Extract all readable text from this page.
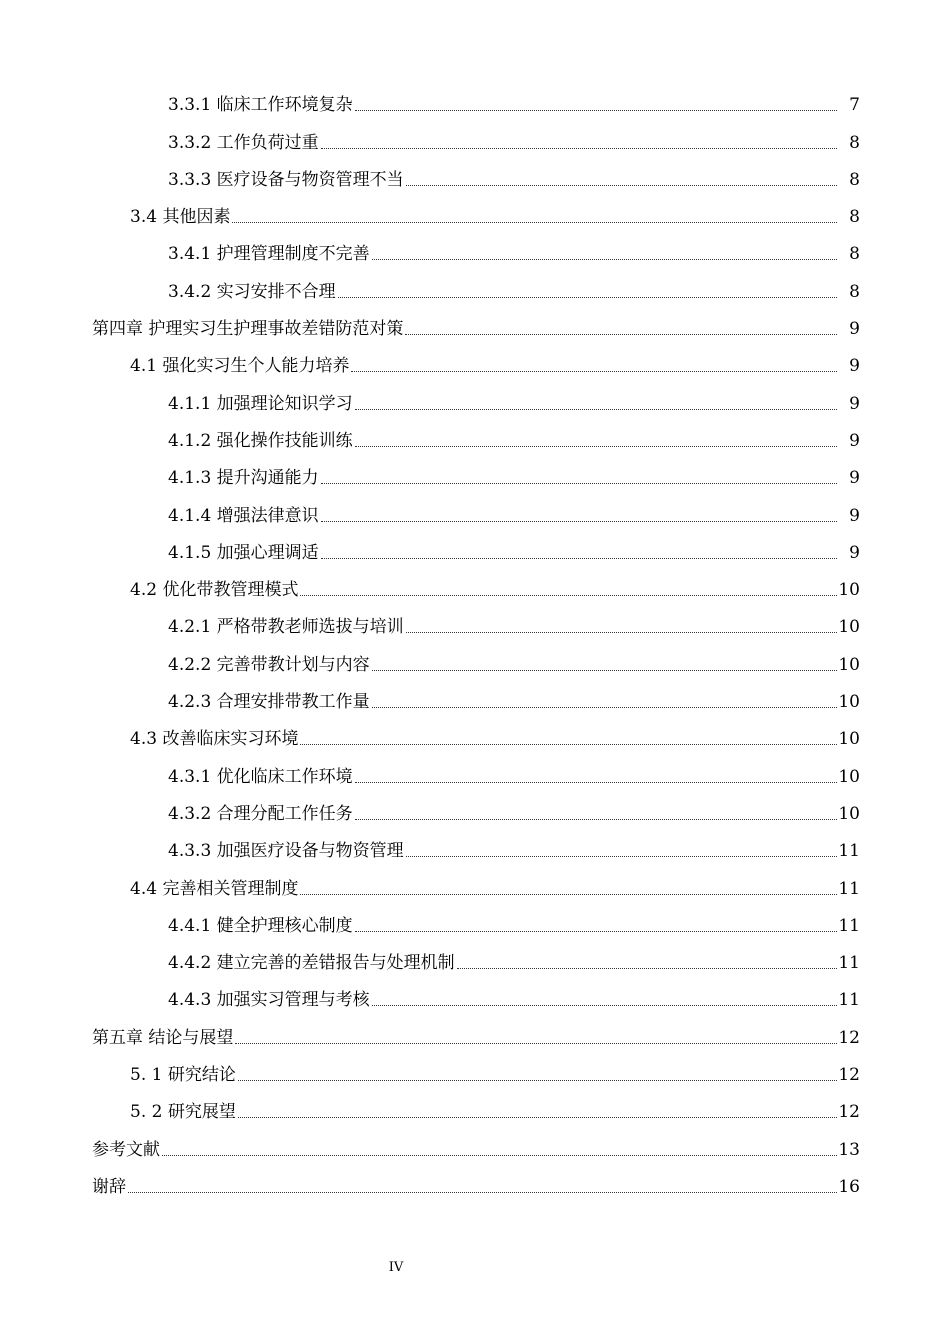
3.3.1 临床工作环境复杂	7
3.3.2 工作负荷过重	8
3.3.3 医疗设备与物资管理不当	8
3.4 其他因素	8
3.4.1 护理管理制度不完善	8
3.4.2 实习安排不合理	8
第四章 护理实习生护理事故差错防范对策	9
4.1 强化实习生个人能力培养	9
4.1.1 加强理论知识学习	9
4.1.2 强化操作技能训练	9
4.1.3 提升沟通能力	9
4.1.4 增强法律意识	9
4.1.5 加强心理调适	9
4.2 优化带教管理模式	10
4.2.1 严格带教老师选拔与培训	10
4.2.2 完善带教计划与内容	10
4.2.3 合理安排带教工作量	10
4.3 改善临床实习环境	10
4.3.1 优化临床工作环境	10
4.3.2 合理分配工作任务	10
4.3.3 加强医疗设备与物资管理	11
4.4 完善相关管理制度	11
4.4.1 健全护理核心制度	11
4.4.2 建立完善的差错报告与处理机制	11
4.4.3 加强实习管理与考核	11
第五章 结论与展望	12
5. 1 研究结论	12
5. 2 研究展望	12
参考文献	13
谢辞	16
IV
